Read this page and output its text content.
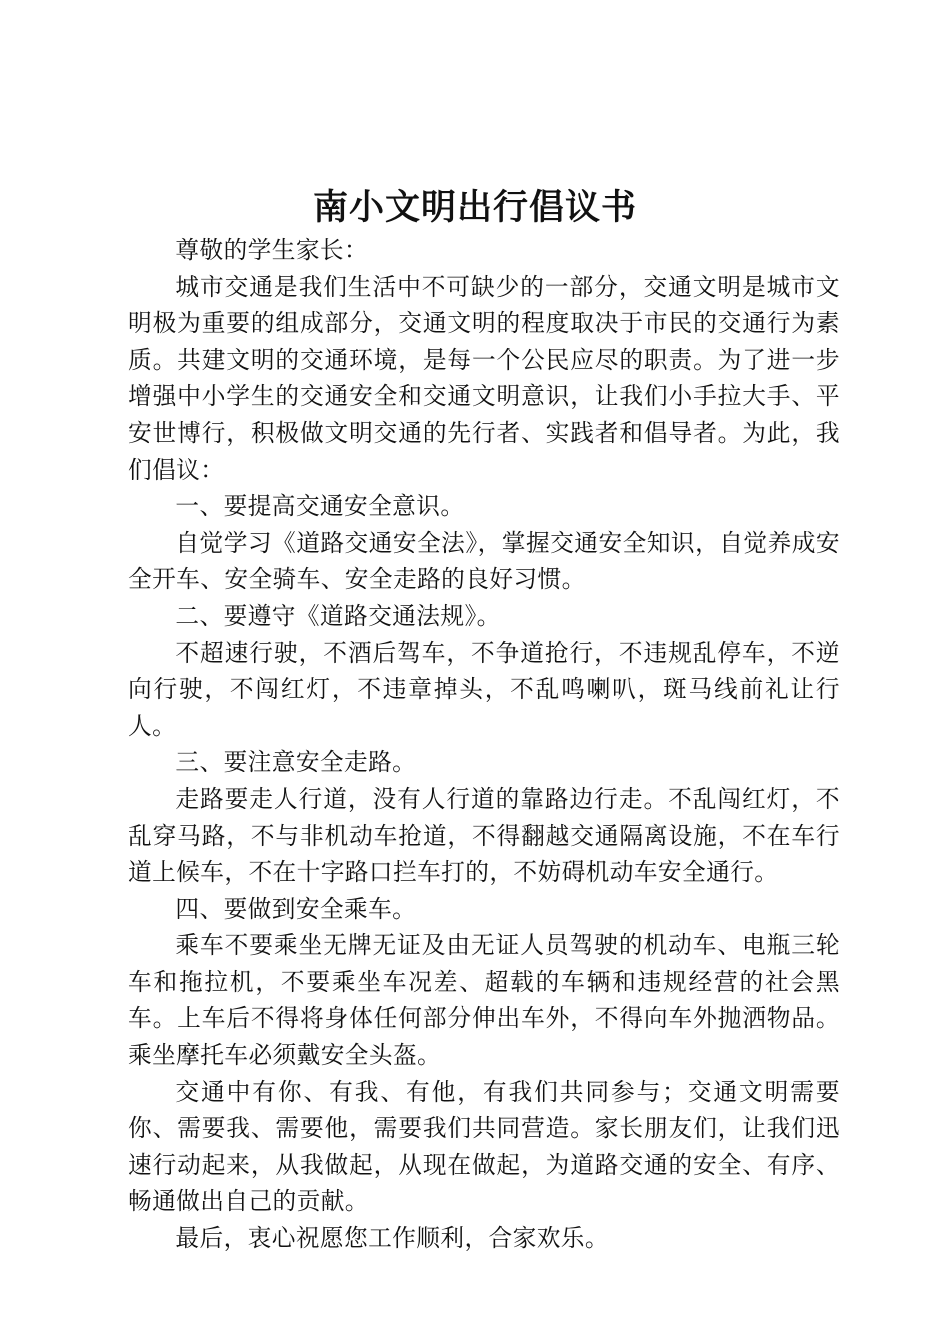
南小文明出行倡议书

尊敬的学生家长：

城市交通是我们生活中不可缺少的一部分，交通文明是城市文明极为重要的组成部分，交通文明的程度取决于市民的交通行为素质。共建文明的交通环境，是每一个公民应尽的职责。为了进一步增强中小学生的交通安全和交通文明意识，让我们小手拉大手、平安世博行，积极做文明交通的先行者、实践者和倡导者。为此，我们倡议：

一、要提高交通安全意识。

自觉学习《道路交通安全法》，掌握交通安全知识，自觉养成安全开车、安全骑车、安全走路的良好习惯。

二、要遵守《道路交通法规》。

不超速行驶，不酒后驾车，不争道抢行，不违规乱停车，不逆向行驶，不闯红灯，不违章掉头，不乱鸣喇叭，斑马线前礼让行人。

三、要注意安全走路。

走路要走人行道，没有人行道的靠路边行走。不乱闯红灯，不乱穿马路，不与非机动车抢道，不得翻越交通隔离设施，不在车行道上候车，不在十字路口拦车打的，不妨碍机动车安全通行。

四、要做到安全乘车。

乘车不要乘坐无牌无证及由无证人员驾驶的机动车、电瓶三轮车和拖拉机，不要乘坐车况差、超载的车辆和违规经营的社会黑车。上车后不得将身体任何部分伸出车外，不得向车外抛洒物品。乘坐摩托车必须戴安全头盔。

交通中有你、有我、有他，有我们共同参与；交通文明需要你、需要我、需要他，需要我们共同营造。家长朋友们，让我们迅速行动起来，从我做起，从现在做起，为道路交通的安全、有序、畅通做出自己的贡献。

最后，衷心祝愿您工作顺利，合家欢乐。
